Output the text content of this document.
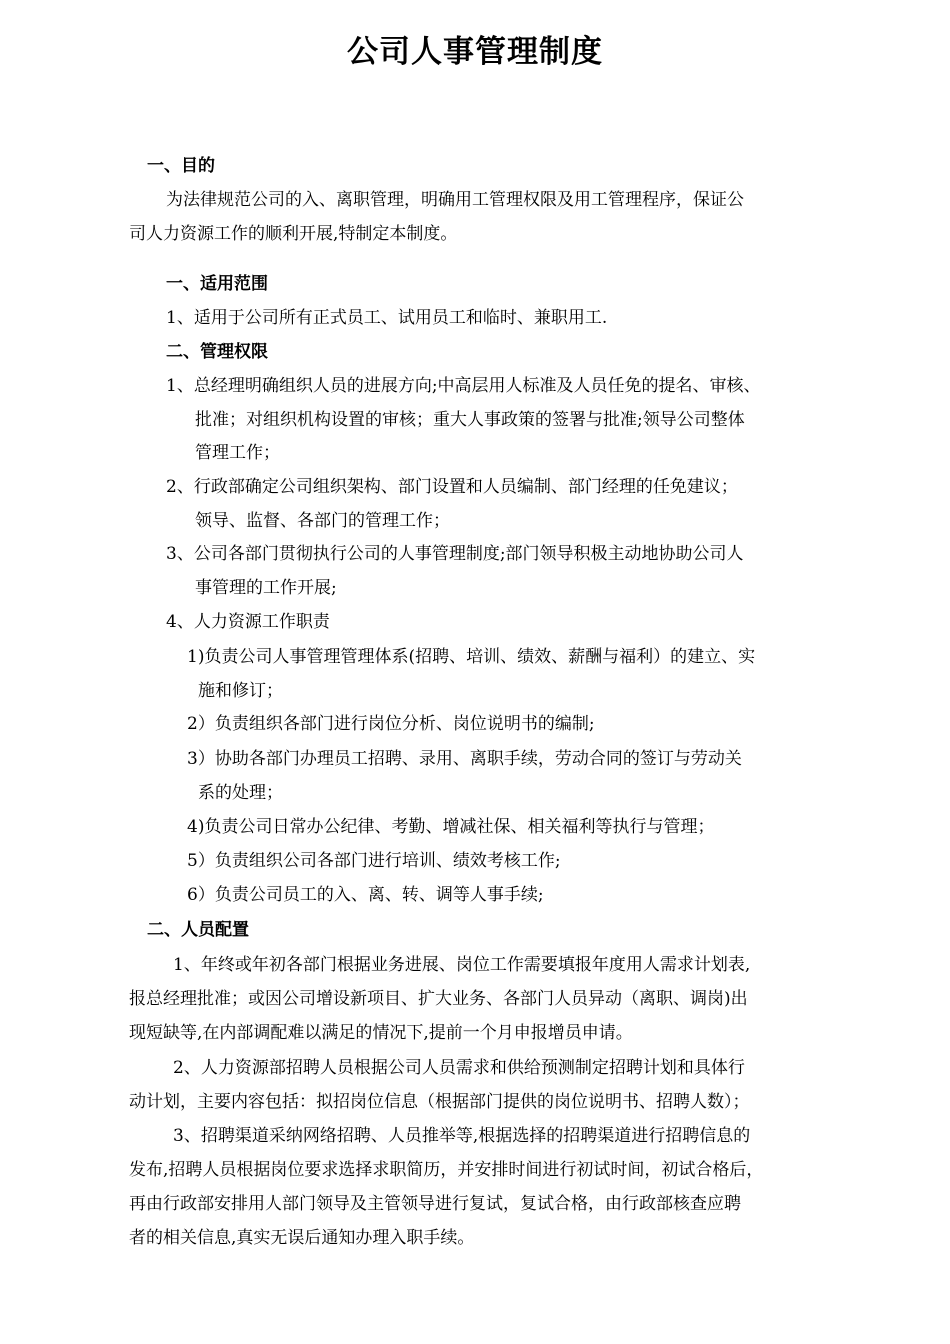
公司人事管理制度
一、目的
为法律规范公司的入、离职管理，明确用工管理权限及用工管理程序，保证公
司人力资源工作的顺利开展,特制定本制度。
一、适用范围
1、适用于公司所有正式员工、试用员工和临时、兼职用工.
二、管理权限
1、总经理明确组织人员的进展方向;中高层用人标准及人员任免的提名、审核、
批准；对组织机构设置的审核；重大人事政策的签署与批准;领导公司整体
管理工作；
2、行政部确定公司组织架构、部门设置和人员编制、部门经理的任免建议；
领导、监督、各部门的管理工作；
3、公司各部门贯彻执行公司的人事管理制度;部门领导积极主动地协助公司人
事管理的工作开展;
4、人力资源工作职责
1)负责公司人事管理管理体系(招聘、培训、绩效、薪酬与福利）的建立、实
施和修订；
2）负责组织各部门进行岗位分析、岗位说明书的编制;
3）协助各部门办理员工招聘、录用、离职手续，劳动合同的签订与劳动关
系的处理；
4)负责公司日常办公纪律、考勤、增减社保、相关福利等执行与管理；
5）负责组织公司各部门进行培训、绩效考核工作;
6）负责公司员工的入、离、转、调等人事手续;
二、人员配置
1、年终或年初各部门根据业务进展、岗位工作需要填报年度用人需求计划表,
报总经理批准；或因公司增设新项目、扩大业务、各部门人员异动（离职、调岗)出
现短缺等,在内部调配难以满足的情况下,提前一个月申报增员申请。
2、人力资源部招聘人员根据公司人员需求和供给预测制定招聘计划和具体行
动计划，主要内容包括：拟招岗位信息（根据部门提供的岗位说明书、招聘人数）；
3、招聘渠道采纳网络招聘、人员推举等,根据选择的招聘渠道进行招聘信息的
发布,招聘人员根据岗位要求选择求职简历，并安排时间进行初试时间，初试合格后，
再由行政部安排用人部门领导及主管领导进行复试，复试合格，由行政部核查应聘
者的相关信息,真实无误后通知办理入职手续。
